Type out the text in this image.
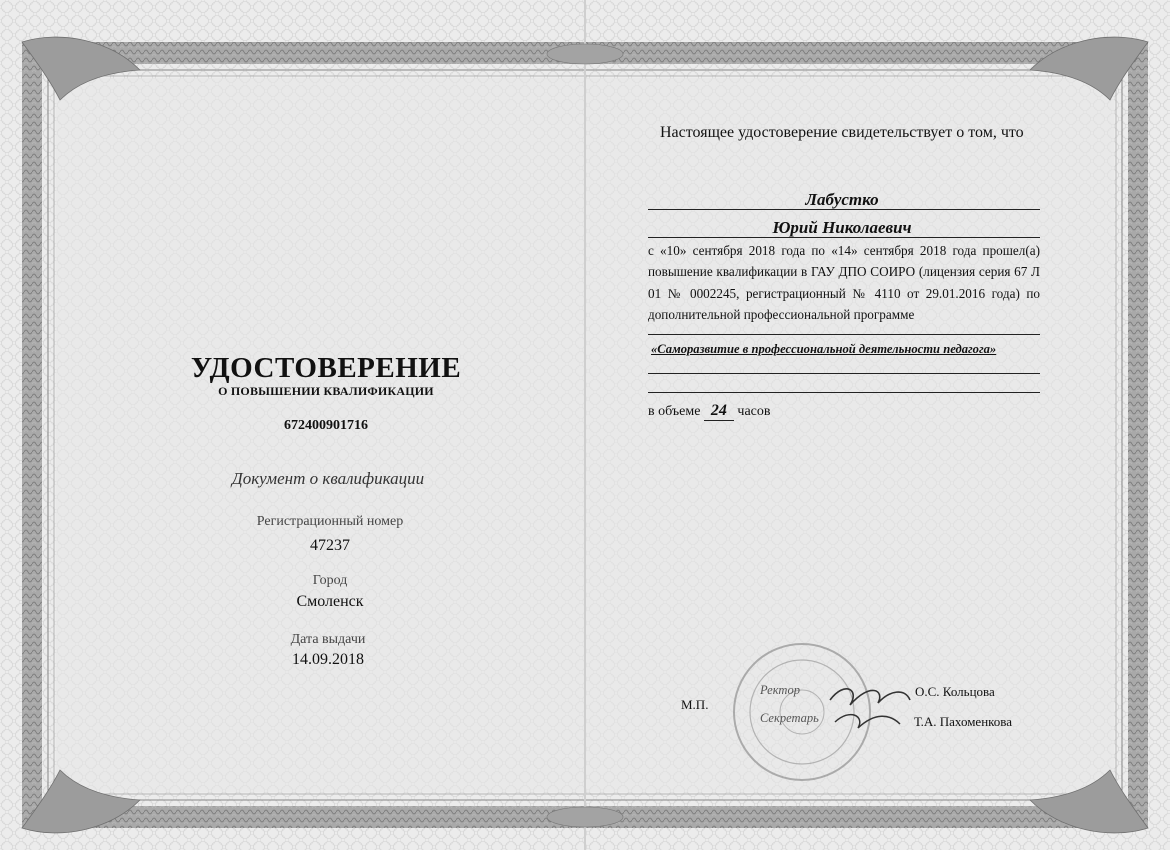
УДОСТОВЕРЕНИЕ
О ПОВЫШЕНИИ КВАЛИФИКАЦИИ
672400901716
Документ о квалификации
Регистрационный номер
47237
Город
Смоленск
Дата выдачи
14.09.2018
Настоящее удостоверение свидетельствует о том, что
Лабустко
Юрий Николаевич
с «10» сентября 2018 года по «14» сентября 2018 года прошел(а) повышение квалификации в ГАУ ДПО СОИРО (лицензия серия 67 Л 01 № 0002245, регистрационный № 4110 от 29.01.2016 года) по дополнительной профессиональной программе
«Саморазвитие в профессиональной деятельности педагога»
в объеме 24 часов
М.П.
Ректор	О.С. Кольцова
Секретарь	Т.А. Пахоменкова
